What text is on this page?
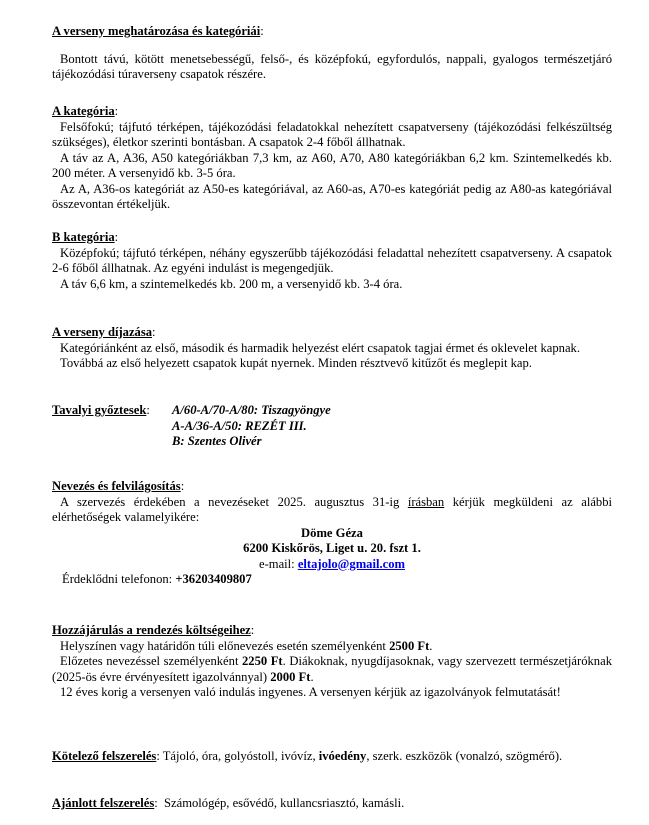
A verseny meghatározása és kategóriái:
Bontott távú, kötött menetsebességű, felső-, és középfokú, egyfordulós, nappali, gyalogos természetjáró tájékozódási túraverseny csapatok részére.
A kategória:
Felsőfokú; tájfutó térképen, tájékozódási feladatokkal nehezített csapatverseny (tájékozódási felkészültség szükséges), életkor szerinti bontásban. A csapatok 2-4 főből állhatnak.
A táv az A, A36, A50 kategóriákban 7,3 km, az A60, A70, A80 kategóriákban 6,2 km. Szintemelkedés kb. 200 méter. A versenyidő kb. 3-5 óra.
Az A, A36-os kategóriát az A50-es kategóriával, az A60-as, A70-es kategóriát pedig az A80-as kategóriával összevontan értékeljük.
B kategória:
Középfokú; tájfutó térképen, néhány egyszerűbb tájékozódási feladattal nehezített csapatverseny. A csapatok 2-6 főből állhatnak. Az egyéni indulást is megengedjük.
A táv 6,6 km, a szintemelkedés kb. 200 m, a versenyidő kb. 3-4 óra.
A verseny díjazása:
Kategóriánként az első, második és harmadik helyezést elért csapatok tagjai érmet és oklevelet kapnak.
Továbbá az első helyezett csapatok kupát nyernek. Minden résztvevő kitűzőt és meglepit kap.
Tavalyi győztesek:	A/60-A/70-A/80: Tiszagyöngye
A-A/36-A/50: REZÉT III.
B: Szentes Olivér
Nevezés és felvilágosítás:
A szervezés érdekében a nevezéseket 2025. augusztus 31-ig írásban kérjük megküldeni az alábbi elérhetőségek valamelyikére:
Döme Géza
6200 Kiskőrös, Liget u. 20. fszt 1.
e-mail: eltajolo@gmail.com
Érdeklődni telefonon: +36203409807
Hozzájárulás a rendezés költségeihez:
Helyszínen vagy határidőn túli előnevezés esetén személyenként 2500 Ft.
Előzetes nevezéssel személyenként 2250 Ft. Diákoknak, nyugdíjasoknak, vagy szervezett természetjáróknak (2025-ös évre érvényesített igazolvánnyal) 2000 Ft.
12 éves korig a versenyen való indulás ingyenes. A versenyen kérjük az igazolványok felmutatását!
Kötelező felszerelés: Tájoló, óra, golyóstoll, ivóvíz, ivóedény, szerk. eszközök (vonalzó, szögmérő).
Ajánlott felszerelés:  Számológép, esővédő, kullancsriasztó, kamásli.
